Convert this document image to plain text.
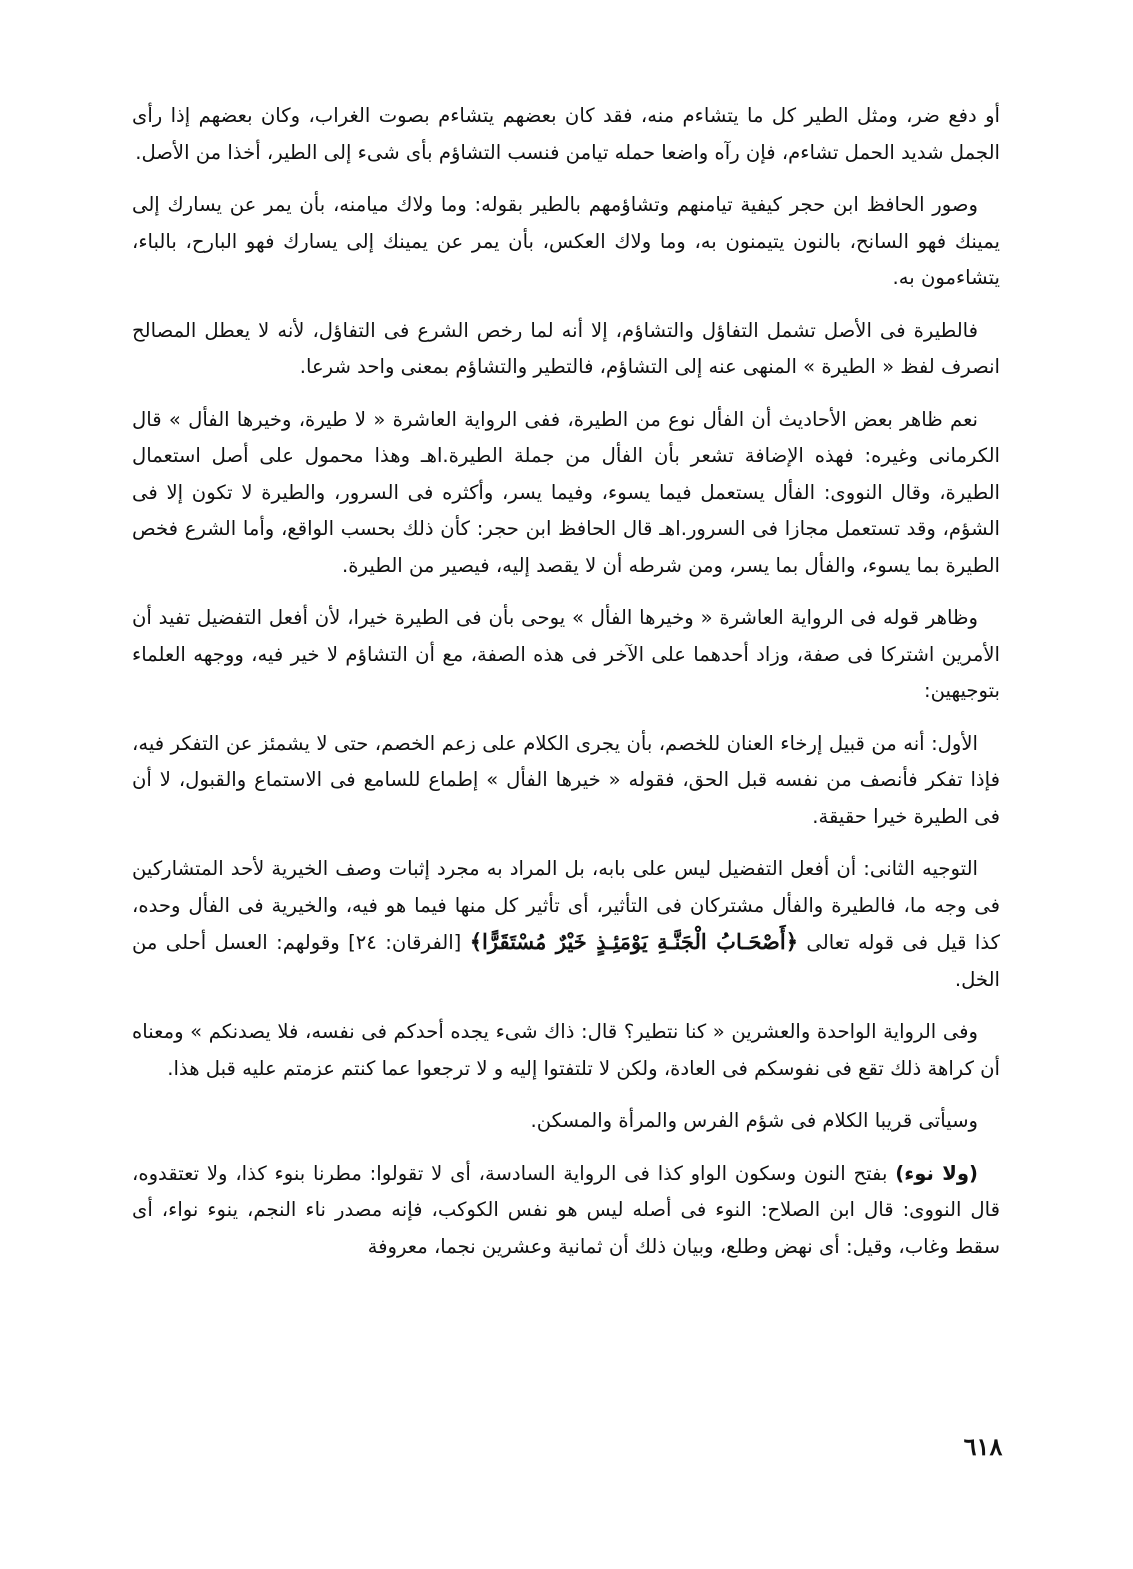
أو دفع ضر، ومثل الطير كل ما يتشاءم منه، فقد كان بعضهم يتشاءم بصوت الغراب، وكان بعضهم إذا رأى الجمل شديد الحمل تشاءم، فإن رآه واضعا حمله تيامن فنسب التشاؤم بأى شىء إلى الطير، أخذا من الأصل.

وصور الحافظ ابن حجر كيفية تيامنهم وتشاؤمهم بالطير بقوله: وما ولاك ميامنه، بأن يمر عن يسارك إلى يمينك فهو السانح، بالنون يتيمنون به، وما ولاك العكس، بأن يمر عن يمينك إلى يسارك فهو البارح، بالباء، يتشاءمون به.

فالطيرة فى الأصل تشمل التفاؤل والتشاؤم، إلا أنه لما رخص الشرع فى التفاؤل، لأنه لا يعطل المصالح انصرف لفظ « الطيرة » المنهى عنه إلى التشاؤم، فالتطير والتشاؤم بمعنى واحد شرعا.

نعم ظاهر بعض الأحاديث أن الفأل نوع من الطيرة، ففى الرواية العاشرة « لا طيرة، وخيرها الفأل » قال الكرمانى وغيره: فهذه الإضافة تشعر بأن الفأل من جملة الطيرة.اهـ وهذا محمول على أصل استعمال الطيرة، وقال النووى: الفأل يستعمل فيما يسوء، وفيما يسر، وأكثره فى السرور، والطيرة لا تكون إلا فى الشؤم، وقد تستعمل مجازا فى السرور.اهـ قال الحافظ ابن حجر: كأن ذلك بحسب الواقع، وأما الشرع فخص الطيرة بما يسوء، والفأل بما يسر، ومن شرطه أن لا يقصد إليه، فيصير من الطيرة.

وظاهر قوله فى الرواية العاشرة « وخيرها الفأل » يوحى بأن فى الطيرة خيرا، لأن أفعل التفضيل تفيد أن الأمرين اشتركا فى صفة، وزاد أحدهما على الآخر فى هذه الصفة، مع أن التشاؤم لا خير فيه، ووجهه العلماء بتوجيهين:

الأول: أنه من قبيل إرخاء العنان للخصم، بأن يجرى الكلام على زعم الخصم، حتى لا يشمئز عن التفكر فيه، فإذا تفكر فأنصف من نفسه قبل الحق، فقوله « خيرها الفأل » إطماع للسامع فى الاستماع والقبول، لا أن فى الطيرة خيرا حقيقة.

التوجيه الثانى: أن أفعل التفضيل ليس على بابه، بل المراد به مجرد إثبات وصف الخيرية لأحد المتشاركين فى وجه ما، فالطيرة والفأل مشتركان فى التأثير، أى تأثير كل منها فيما هو فيه، والخيرية فى الفأل وحده، كذا قيل فى قوله تعالى ﴿أَصْحَـابُ الْجَنَّـةِ يَوْمَئِـذٍ خَيْرٌ مُسْتَقَرًّا﴾ [الفرقان: ٢٤] وقولهم: العسل أحلى من الخل.

وفى الرواية الواحدة والعشرين « كنا نتطير؟ قال: ذاك شىء يجده أحدكم فى نفسه، فلا يصدنكم » ومعناه أن كراهة ذلك تقع فى نفوسكم فى العادة، ولكن لا تلتفتوا إليه و لا ترجعوا عما كنتم عزمتم عليه قبل هذا.

وسيأتى قريبا الكلام فى شؤم الفرس والمرأة والمسكن.

(ولا نوء) بفتح النون وسكون الواو كذا فى الرواية السادسة، أى لا تقولوا: مطرنا بنوء كذا، ولا تعتقدوه، قال النووى: قال ابن الصلاح: النوء فى أصله ليس هو نفس الكوكب، فإنه مصدر ناء النجم، ينوء نواء، أى سقط وغاب، وقيل: أى نهض وطلع، وبيان ذلك أن ثمانية وعشرين نجما، معروفة

٦١٨
